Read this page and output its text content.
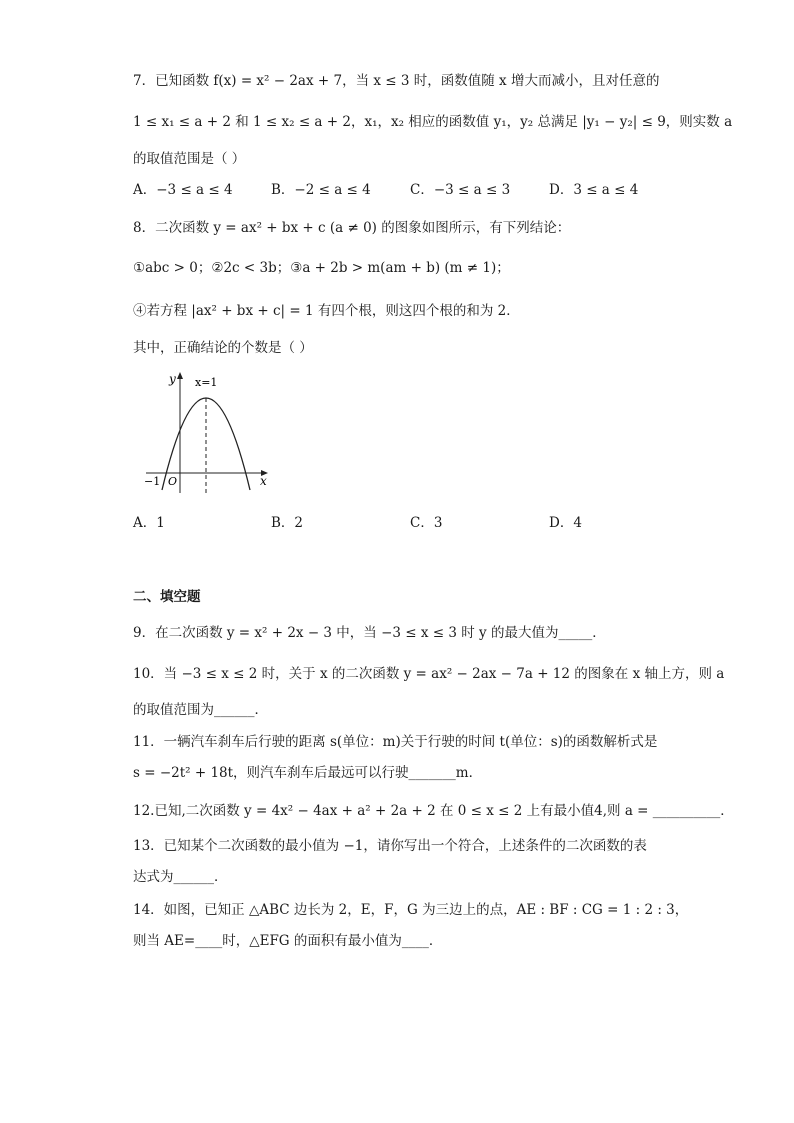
7．已知函数 f(x) = x² − 2ax + 7，当 x ≤ 3 时，函数值随 x 增大而减小，且对任意的
1 ≤ x₁ ≤ a + 2 和 1 ≤ x₂ ≤ a + 2，x₁，x₂ 相应的函数值 y₁，y₂ 总满足 |y₁ − y₂| ≤ 9，则实数 a
的取值范围是（ ）
A．−3 ≤ a ≤ 4	B．−2 ≤ a ≤ 4	C．−3 ≤ a ≤ 3	D．3 ≤ a ≤ 4
8．二次函数 y = ax² + bx + c (a ≠ 0) 的图象如图所示，有下列结论：
①abc > 0；②2c < 3b；③a + 2b > m(am + b) (m ≠ 1)；
④若方程 |ax² + bx + c| = 1 有四个根，则这四个根的和为 2．
其中，正确结论的个数是（ ）
y
x
x=1
O
−1
A．1	B．2	C．3	D．4
二、填空题
9．在二次函数 y = x² + 2x − 3 中，当 −3 ≤ x ≤ 3 时 y 的最大值为_____．
10．当 −3 ≤ x ≤ 2 时，关于 x 的二次函数 y = ax² − 2ax − 7a + 12 的图象在 x 轴上方，则 a
的取值范围为______．
11．一辆汽车刹车后行驶的距离 s(单位：m)关于行驶的时间 t(单位：s)的函数解析式是
s = −2t² + 18t，则汽车刹车后最远可以行驶_______m．
12.已知,二次函数 y = 4x² − 4ax + a² + 2a + 2 在 0 ≤ x ≤ 2 上有最小值4,则 a = __________．
13．已知某个二次函数的最小值为 −1，请你写出一个符合，上述条件的二次函数的表
达式为______．
14．如图，已知正 △ABC 边长为 2，E，F，G 为三边上的点，AE : BF : CG = 1 : 2 : 3，
则当 AE=____时，△EFG 的面积有最小值为____．
